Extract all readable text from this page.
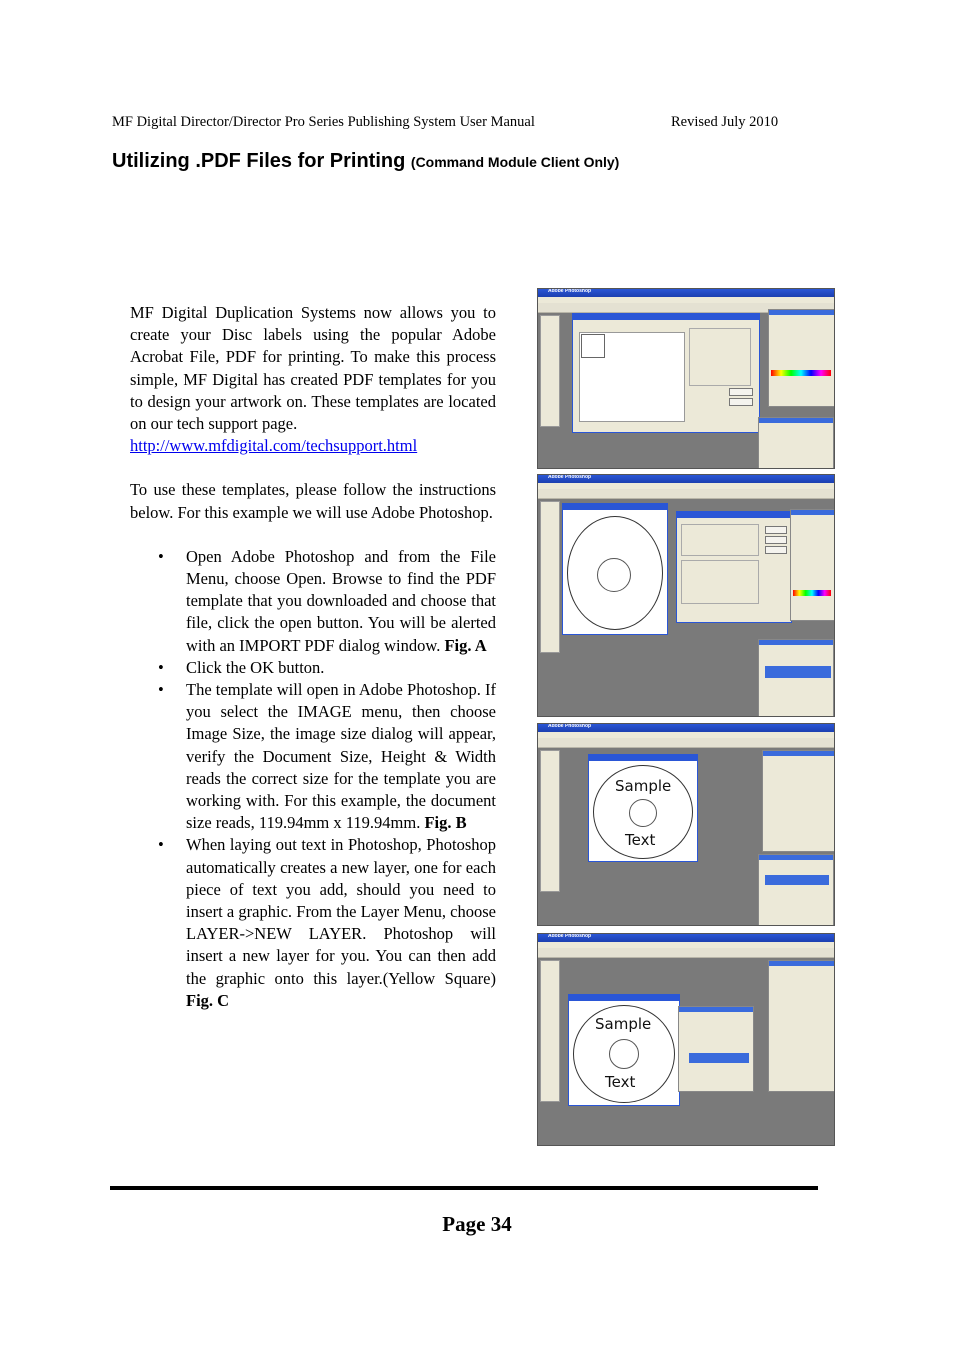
MF Digital Director/Director Pro Series Publishing System User Manual	Revised July 2010
Utilizing .PDF Files for Printing (Command Module Client Only)

MF Digital Duplication Systems now allows you to create your Disc labels using the popular Adobe Acrobat File, PDF for printing. To make this process simple, MF Digital has created PDF templates for you to design your artwork on. These templates are located on our tech support page.

http://www.mfdigital.com/techsupport.html

To use these templates, please follow the instructions below. For this example we will use Adobe Photoshop.

• Open Adobe Photoshop and from the File Menu, choose Open. Browse to find the PDF template that you downloaded and choose that file, click the open button. You will be alerted with an IMPORT PDF dialog window. Fig. A
• Click the OK button.
• The template will open in Adobe Photoshop. If you select the IMAGE menu, then choose Image Size, the image size dialog will appear, verify the Document Size, Height & Width reads the correct size for the template you are working with. For this example, the document size reads, 119.94mm x 119.94mm. Fig. B
• When laying out text in Photoshop, Photoshop automatically creates a new layer, one for each piece of text you add, should you need to insert a graphic. From the Layer Menu, choose LAYER->NEW LAYER. Photoshop will insert a new layer for you. You can then add the graphic onto this layer.(Yellow Square) Fig. C
Adobe Photoshop
Adobe Photoshop
Adobe Photoshop
Sample
Text
Adobe Photoshop
Sample
Text
Page 34
